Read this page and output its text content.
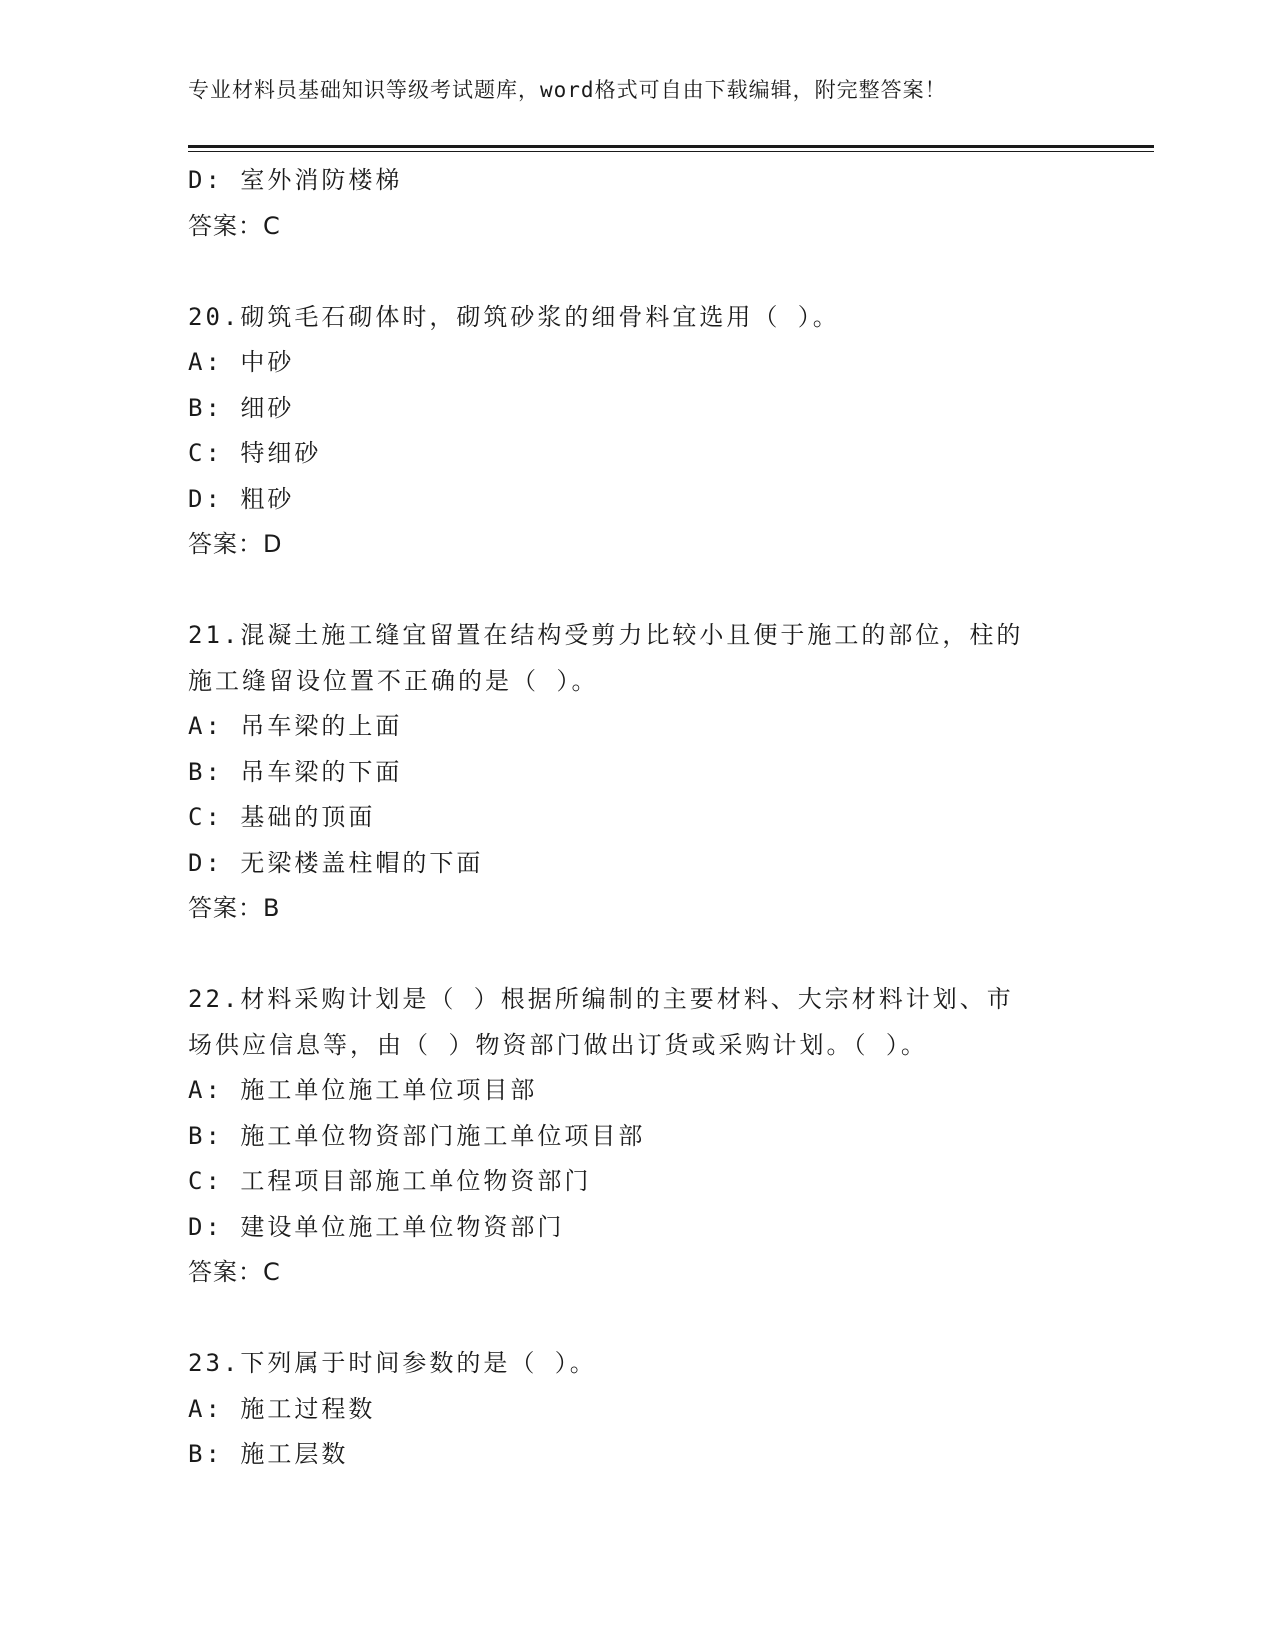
专业材料员基础知识等级考试题库，word格式可自由下载编辑，附完整答案！
D: 室外消防楼梯
答案：C
20.砌筑毛石砌体时，砌筑砂浆的细骨料宜选用（ ）。
A: 中砂
B: 细砂
C: 特细砂
D: 粗砂
答案：D
21.混凝土施工缝宜留置在结构受剪力比较小且便于施工的部位，柱的
施工缝留设位置不正确的是（ ）。
A: 吊车梁的上面
B: 吊车梁的下面
C: 基础的顶面
D: 无梁楼盖柱帽的下面
答案：B
22.材料采购计划是（ ）根据所编制的主要材料、大宗材料计划、市
场供应信息等，由（ ）物资部门做出订货或采购计划。（ ）。
A: 施工单位施工单位项目部
B: 施工单位物资部门施工单位项目部
C: 工程项目部施工单位物资部门
D: 建设单位施工单位物资部门
答案：C
23.下列属于时间参数的是（ ）。
A: 施工过程数
B: 施工层数
